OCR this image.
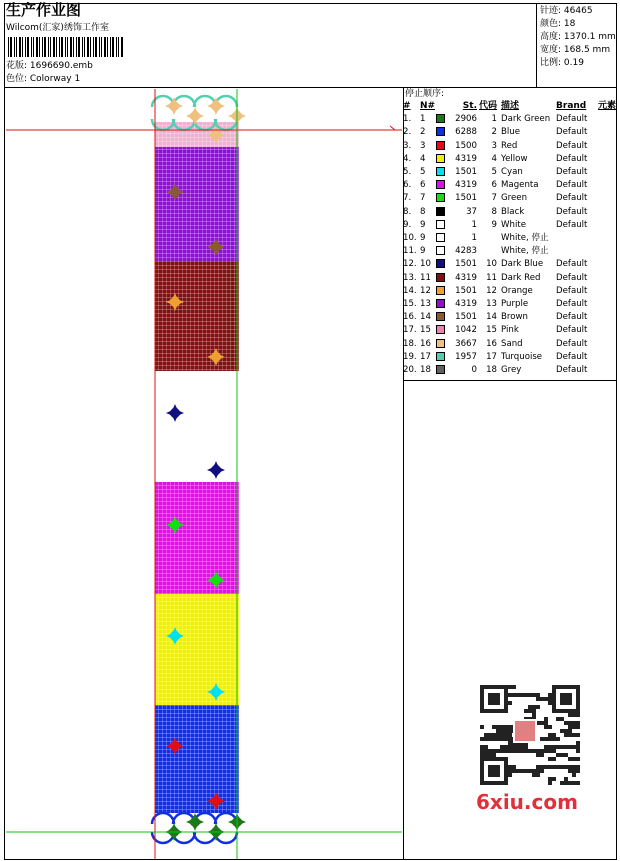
生产作业图
Wilcom(汇家)绣饰工作室
花版: 1696690.emb
色位: Colorway 1
针迹: 46465
颜色: 18
高度: 1370.1 mm
宽度: 168.5 mm
比例: 0.19
停止顺序:
#	N#		St.	代码	描述	Brand	元素
1.	1		2906	1	Dark Green	Default	
2.	2		6288	2	Blue	Default	
3.	3		1500	3	Red	Default	
4.	4		4319	4	Yellow	Default	
5.	5		1501	5	Cyan	Default	
6.	6		4319	6	Magenta	Default	
7.	7		1501	7	Green	Default	
8.	8		37	8	Black	Default	
9.	9		1	9	White	Default	
10.	9		1		White, 停止		
11.	9		4283		White, 停止		
12.	10		1501	10	Dark Blue	Default	
13.	11		4319	11	Dark Red	Default	
14.	12		1501	12	Orange	Default	
15.	13		4319	13	Purple	Default	
16.	14		1501	14	Brown	Default	
17.	15		1042	15	Pink	Default	
18.	16		3667	16	Sand	Default	
19.	17		1957	17	Turquoise	Default	
20.	18		0	18	Grey	Default	
6xiu.com
